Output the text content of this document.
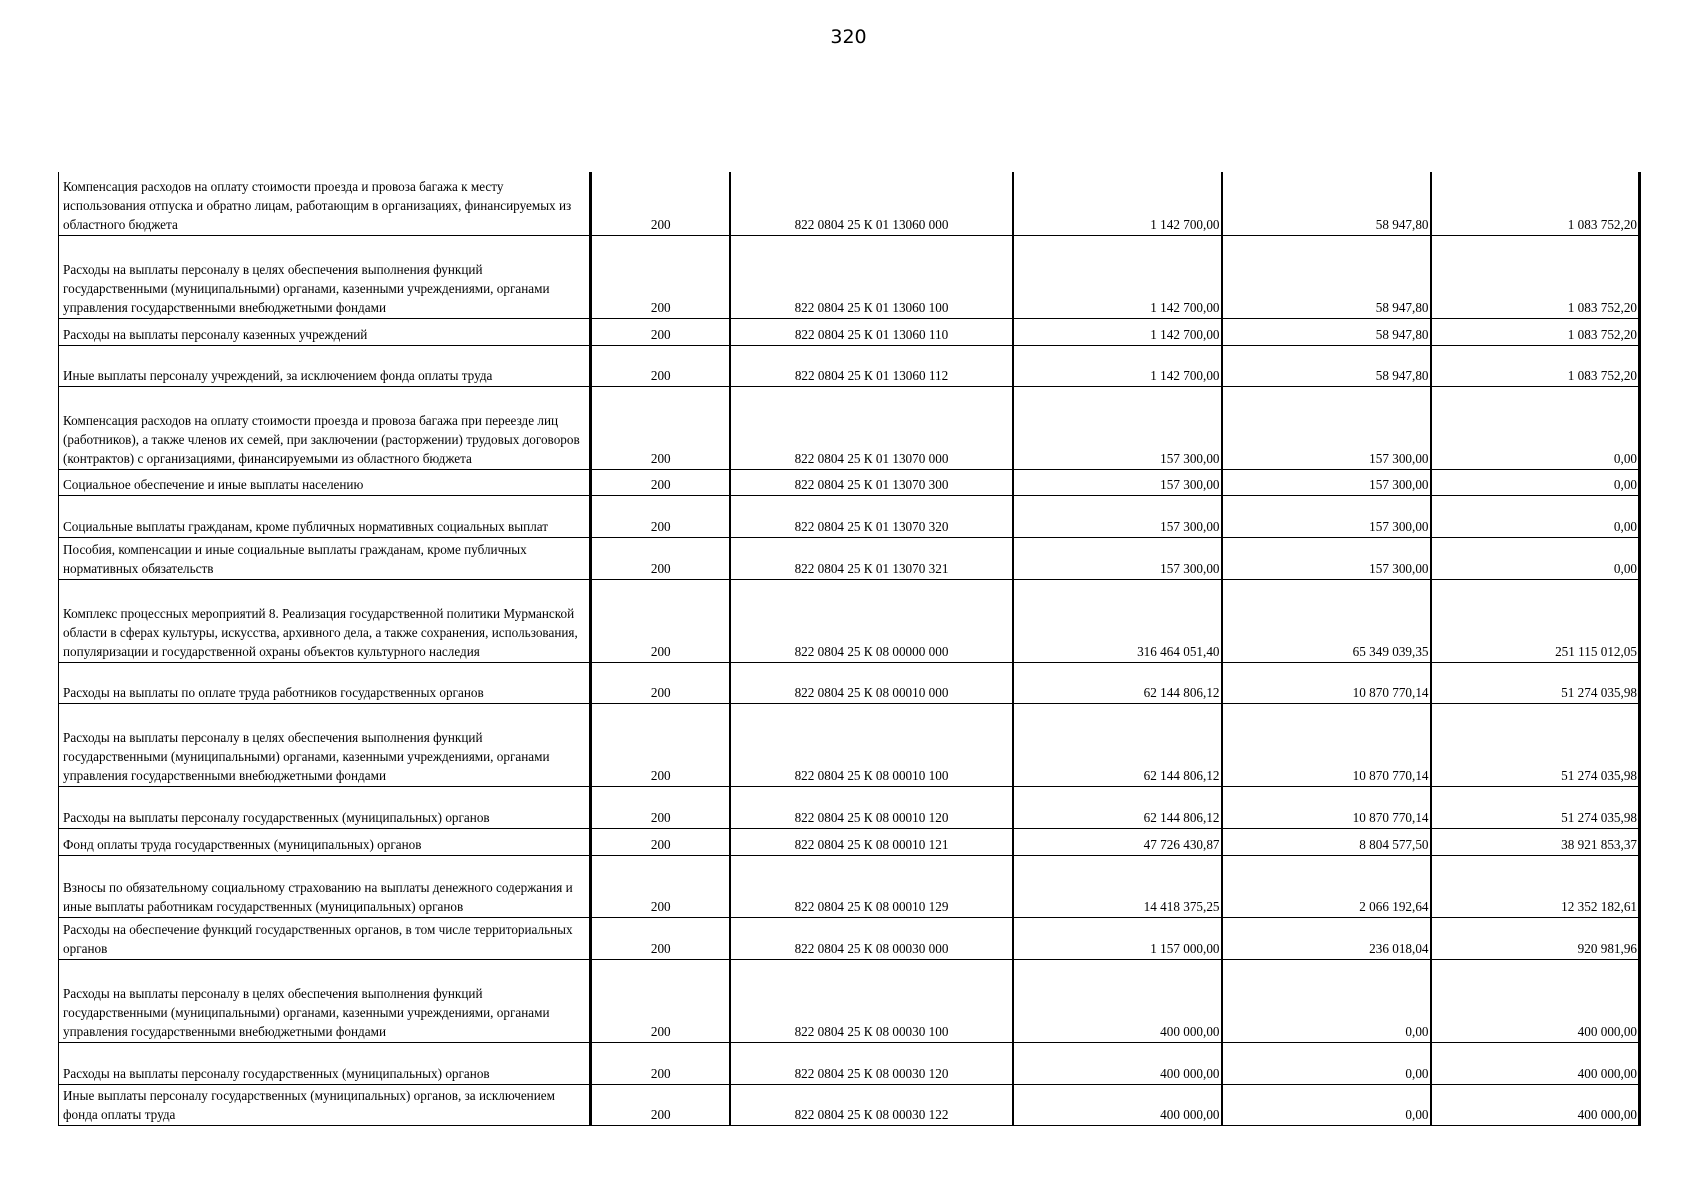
320
Компенсация расходов на оплату стоимости проезда и провоза багажа к месту использования отпуска и обратно лицам, работающим в организациях, финансируемых из областного бюджета	200	822 0804 25 К 01 13060 000	1 142 700,00	58 947,80	1 083 752,20
Расходы на выплаты персоналу в целях обеспечения выполнения функций государственными (муниципальными) органами, казенными учреждениями, органами управления государственными внебюджетными фондами	200	822 0804 25 К 01 13060 100	1 142 700,00	58 947,80	1 083 752,20
Расходы на выплаты персоналу казенных учреждений	200	822 0804 25 К 01 13060 110	1 142 700,00	58 947,80	1 083 752,20
Иные выплаты персоналу учреждений, за исключением фонда оплаты труда	200	822 0804 25 К 01 13060 112	1 142 700,00	58 947,80	1 083 752,20
Компенсация расходов на оплату стоимости проезда и провоза багажа при переезде лиц (работников), а также членов их семей, при заключении (расторжении) трудовых договоров (контрактов) с организациями, финансируемыми из областного бюджета	200	822 0804 25 К 01 13070 000	157 300,00	157 300,00	0,00
Социальное обеспечение и иные выплаты населению	200	822 0804 25 К 01 13070 300	157 300,00	157 300,00	0,00
Социальные выплаты гражданам, кроме публичных нормативных социальных выплат	200	822 0804 25 К 01 13070 320	157 300,00	157 300,00	0,00
Пособия, компенсации и иные социальные выплаты гражданам, кроме публичных нормативных обязательств	200	822 0804 25 К 01 13070 321	157 300,00	157 300,00	0,00
Комплекс процессных мероприятий 8. Реализация государственной политики Мурманской области в сферах культуры, искусства, архивного дела, а также сохранения, использования, популяризации и государственной охраны объектов культурного наследия	200	822 0804 25 К 08 00000 000	316 464 051,40	65 349 039,35	251 115 012,05
Расходы на выплаты по оплате труда работников государственных органов	200	822 0804 25 К 08 00010 000	62 144 806,12	10 870 770,14	51 274 035,98
Расходы на выплаты персоналу в целях обеспечения выполнения функций государственными (муниципальными) органами, казенными учреждениями, органами управления государственными внебюджетными фондами	200	822 0804 25 К 08 00010 100	62 144 806,12	10 870 770,14	51 274 035,98
Расходы на выплаты персоналу государственных (муниципальных) органов	200	822 0804 25 К 08 00010 120	62 144 806,12	10 870 770,14	51 274 035,98
Фонд оплаты труда государственных (муниципальных) органов	200	822 0804 25 К 08 00010 121	47 726 430,87	8 804 577,50	38 921 853,37
Взносы по обязательному социальному страхованию на выплаты денежного содержания и иные выплаты работникам государственных (муниципальных) органов	200	822 0804 25 К 08 00010 129	14 418 375,25	2 066 192,64	12 352 182,61
Расходы на обеспечение функций государственных органов, в том числе территориальных органов	200	822 0804 25 К 08 00030 000	1 157 000,00	236 018,04	920 981,96
Расходы на выплаты персоналу в целях обеспечения выполнения функций государственными (муниципальными) органами, казенными учреждениями, органами управления государственными внебюджетными фондами	200	822 0804 25 К 08 00030 100	400 000,00	0,00	400 000,00
Расходы на выплаты персоналу государственных (муниципальных) органов	200	822 0804 25 К 08 00030 120	400 000,00	0,00	400 000,00
Иные выплаты персоналу государственных (муниципальных) органов, за исключением фонда оплаты труда	200	822 0804 25 К 08 00030 122	400 000,00	0,00	400 000,00
